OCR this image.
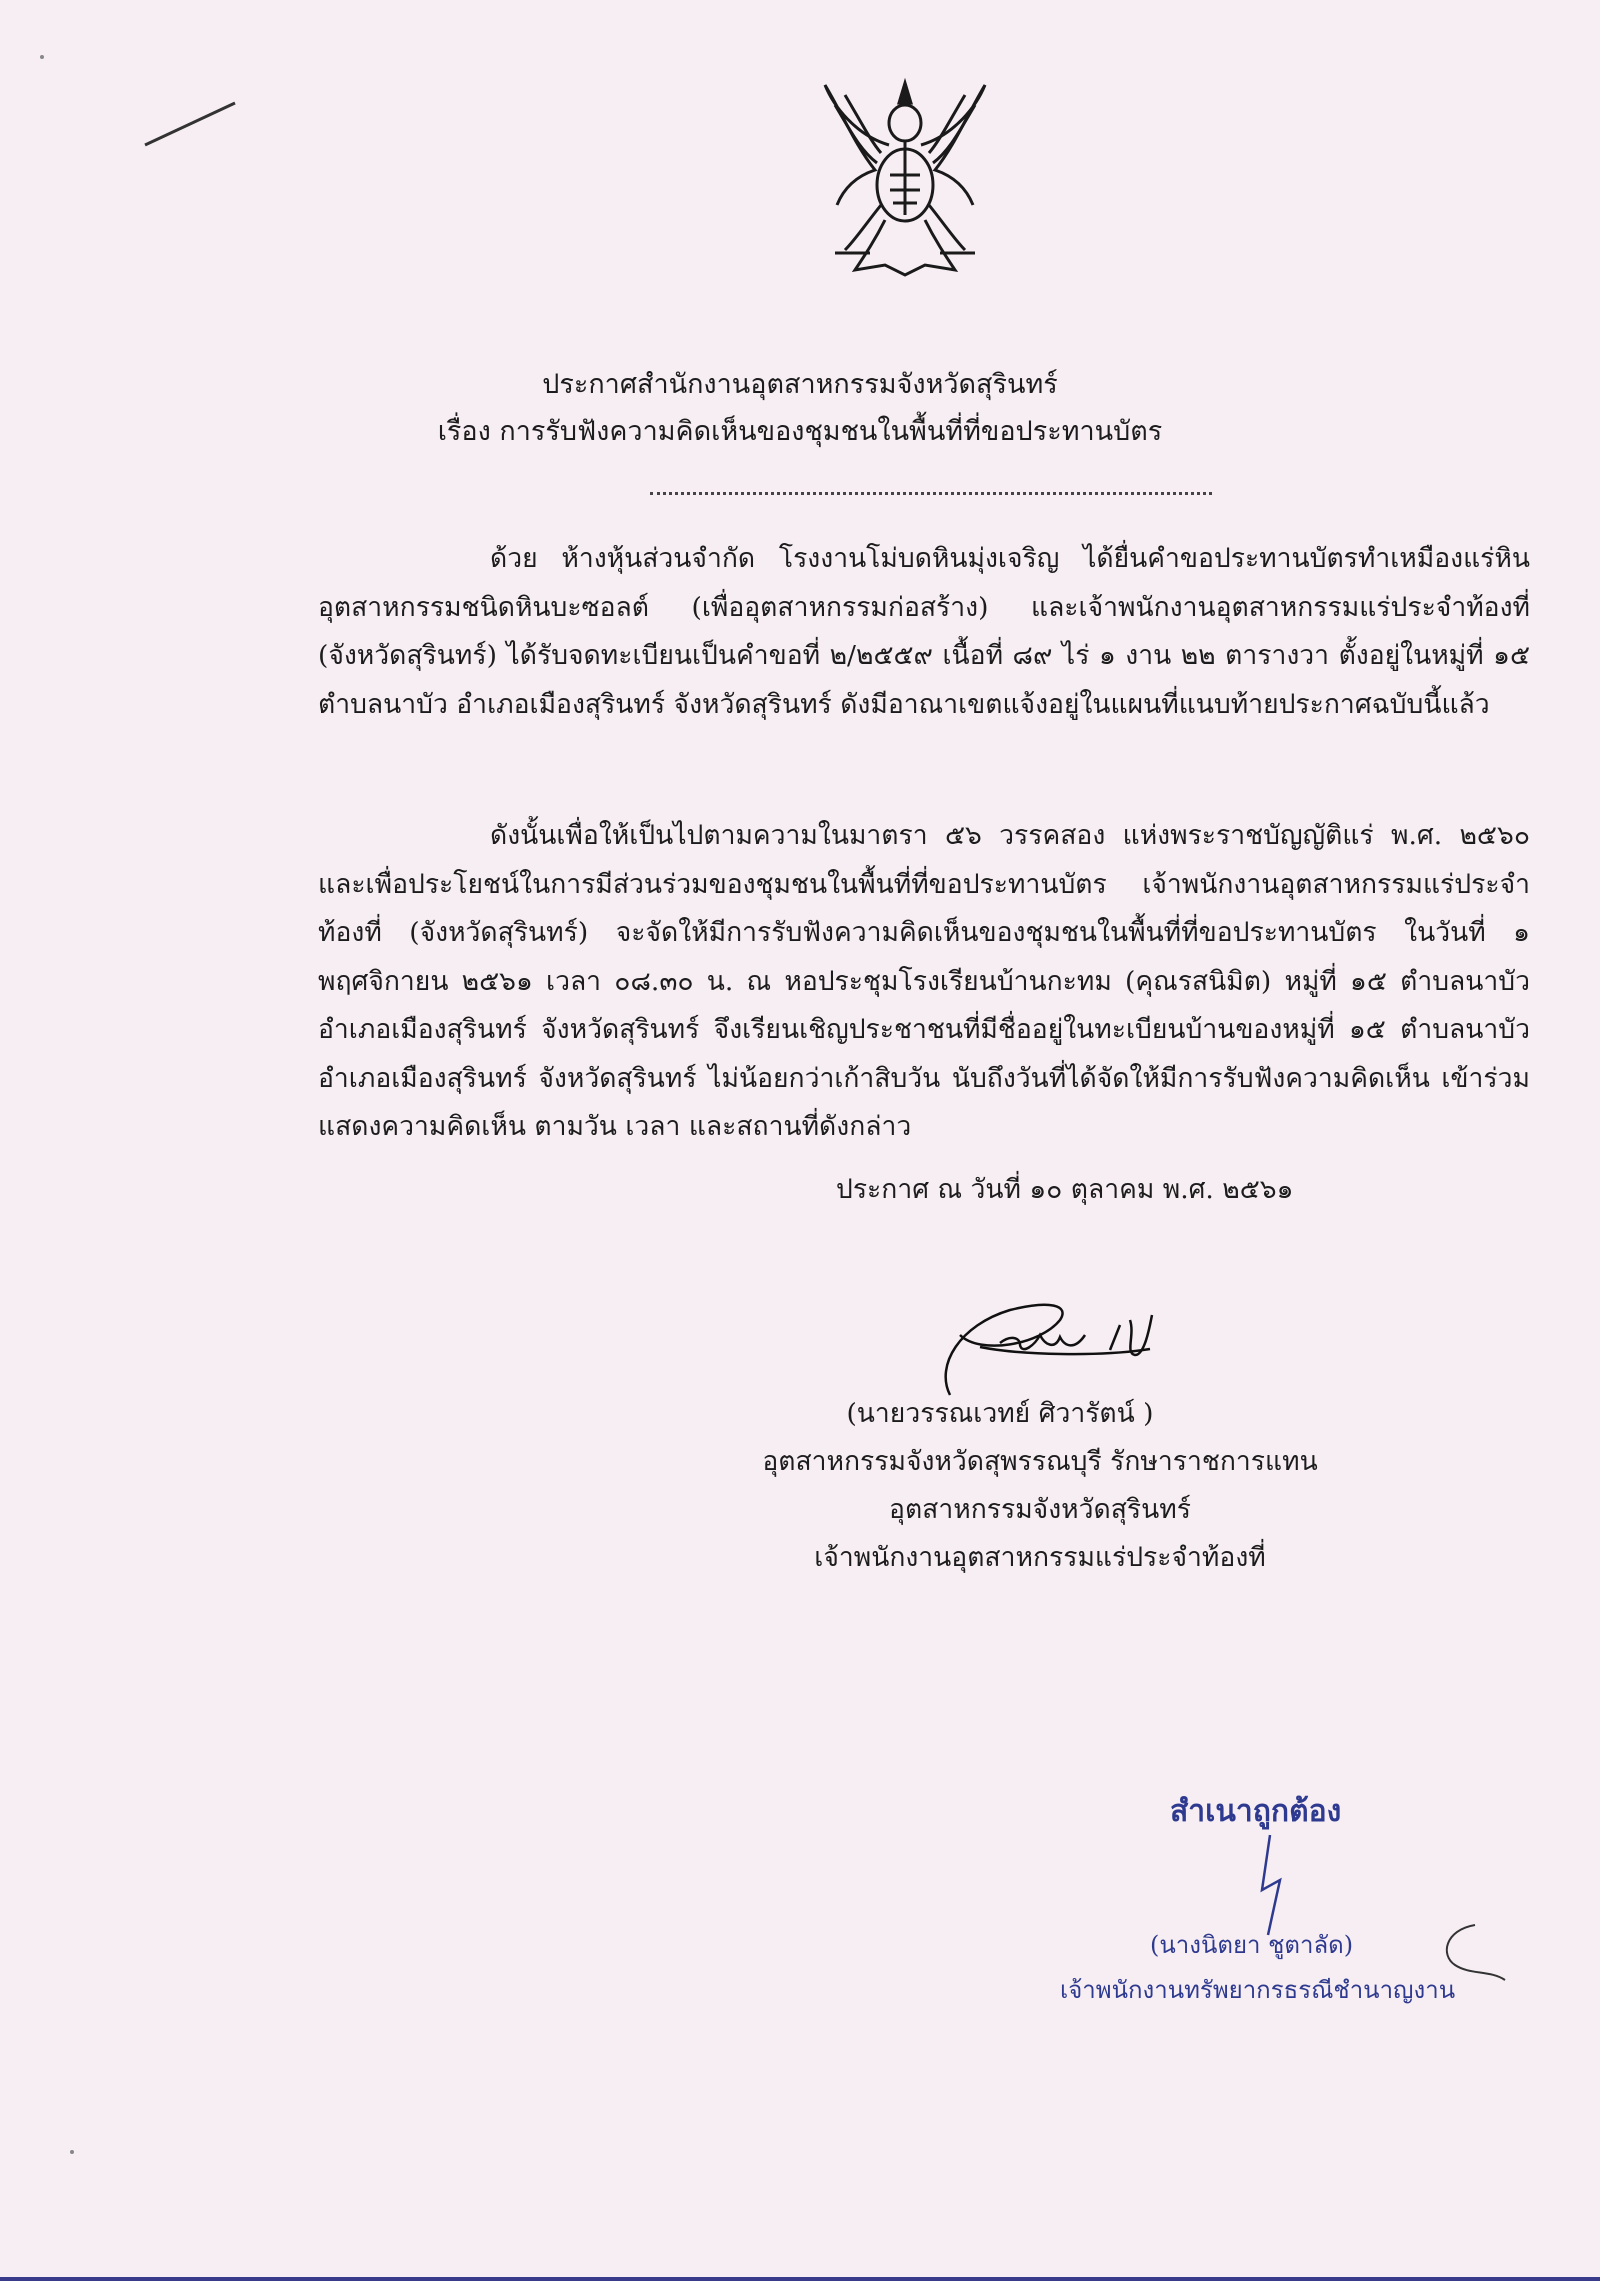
ประกาศสำนักงานอุตสาหกรรมจังหวัดสุรินทร์
เรื่อง การรับฟังความคิดเห็นของชุมชนในพื้นที่ที่ขอประทานบัตร
ด้วย ห้างหุ้นส่วนจำกัด โรงงานโม่บดหินมุ่งเจริญ ได้ยื่นคำขอประทานบัตรทำเหมืองแร่หินอุตสาหกรรมชนิดหินบะซอลต์ (เพื่ออุตสาหกรรมก่อสร้าง) และเจ้าพนักงานอุตสาหกรรมแร่ประจำท้องที่ (จังหวัดสุรินทร์) ได้รับจดทะเบียนเป็นคำขอที่ ๒/๒๕๕๙ เนื้อที่ ๘๙ ไร่ ๑ งาน ๒๒ ตารางวา ตั้งอยู่ในหมู่ที่ ๑๕ ตำบลนาบัว อำเภอเมืองสุรินทร์ จังหวัดสุรินทร์ ดังมีอาณาเขตแจ้งอยู่ในแผนที่แนบท้ายประกาศฉบับนี้แล้ว
ดังนั้นเพื่อให้เป็นไปตามความในมาตรา ๕๖ วรรคสอง แห่งพระราชบัญญัติแร่ พ.ศ. ๒๕๖๐ และเพื่อประโยชน์ในการมีส่วนร่วมของชุมชนในพื้นที่ที่ขอประทานบัตร เจ้าพนักงานอุตสาหกรรมแร่ประจำท้องที่ (จังหวัดสุรินทร์) จะจัดให้มีการรับฟังความคิดเห็นของชุมชนในพื้นที่ที่ขอประทานบัตร ในวันที่ ๑ พฤศจิกายน ๒๕๖๑ เวลา ๐๘.๓๐ น. ณ หอประชุมโรงเรียนบ้านกะทม (คุณรสนิมิต) หมู่ที่ ๑๕ ตำบลนาบัว อำเภอเมืองสุรินทร์ จังหวัดสุรินทร์ จึงเรียนเชิญประชาชนที่มีชื่ออยู่ในทะเบียนบ้านของหมู่ที่ ๑๕ ตำบลนาบัว อำเภอเมืองสุรินทร์ จังหวัดสุรินทร์ ไม่น้อยกว่าเก้าสิบวัน นับถึงวันที่ได้จัดให้มีการรับฟังความคิดเห็น เข้าร่วมแสดงความคิดเห็น ตามวัน เวลา และสถานที่ดังกล่าว
ประกาศ ณ วันที่ ๑๐ ตุลาคม พ.ศ. ๒๕๖๑
(นายวรรณเวทย์ ศิวารัตน์ )
อุตสาหกรรมจังหวัดสุพรรณบุรี รักษาราชการแทน
อุตสาหกรรมจังหวัดสุรินทร์
เจ้าพนักงานอุตสาหกรรมแร่ประจำท้องที่
สำเนาถูกต้อง
(นางนิตยา ชูตาลัด)
เจ้าพนักงานทรัพยากรธรณีชำนาญงาน
